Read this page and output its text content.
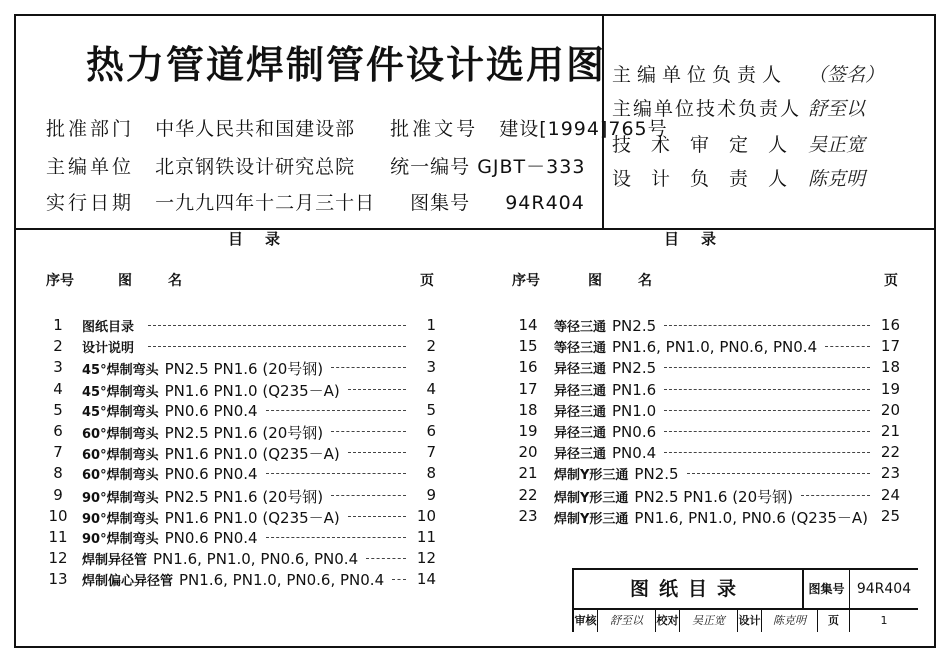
热力管道焊制管件设计选用图
批准部门 中华人民共和国建设部 批准文号 建设[1994]765号
主编单位 北京钢铁设计研究总院 统一编号 GJBT－333
实行日期 一九九四年十二月三十日 图集号 94R404
主编单位负责人 （签名）
主编单位技术负责人 舒至以
技术审定人 吴正宽
设计负责人 陈克明
目录	目录
序号	图名	页	序号	图名	页
1	图纸目录	1
2	设计说明	2
3	45°焊制弯头 PN2.5 PN1.6 (20号钢)	3
4	45°焊制弯头 PN1.6 PN1.0 (Q235－A)	4
5	45°焊制弯头 PN0.6 PN0.4	5
6	60°焊制弯头 PN2.5 PN1.6 (20号钢)	6
7	60°焊制弯头 PN1.6 PN1.0 (Q235－A)	7
8	60°焊制弯头 PN0.6 PN0.4	8
9	90°焊制弯头 PN2.5 PN1.6 (20号钢)	9
10	90°焊制弯头 PN1.6 PN1.0 (Q235－A)	10
11	90°焊制弯头 PN0.6 PN0.4	11
12	焊制异径管 PN1.6, PN1.0, PN0.6, PN0.4	12
13	焊制偏心异径管 PN1.6, PN1.0, PN0.6, PN0.4	14
14	等径三通 PN2.5	16
15	等径三通 PN1.6, PN1.0, PN0.6, PN0.4	17
16	异径三通 PN2.5	18
17	异径三通 PN1.6	19
18	异径三通 PN1.0	20
19	异径三通 PN0.6	21
20	异径三通 PN0.4	22
21	焊制Y形三通 PN2.5	23
22	焊制Y形三通 PN2.5 PN1.6 (20号钢)	24
23	焊制Y形三通 PN1.6, PN1.0, PN0.6 (Q235－A) 25
图纸目录	图集号 94R404
审核	舒至以	校对	吴正宽	设计	陈克明	页	1
